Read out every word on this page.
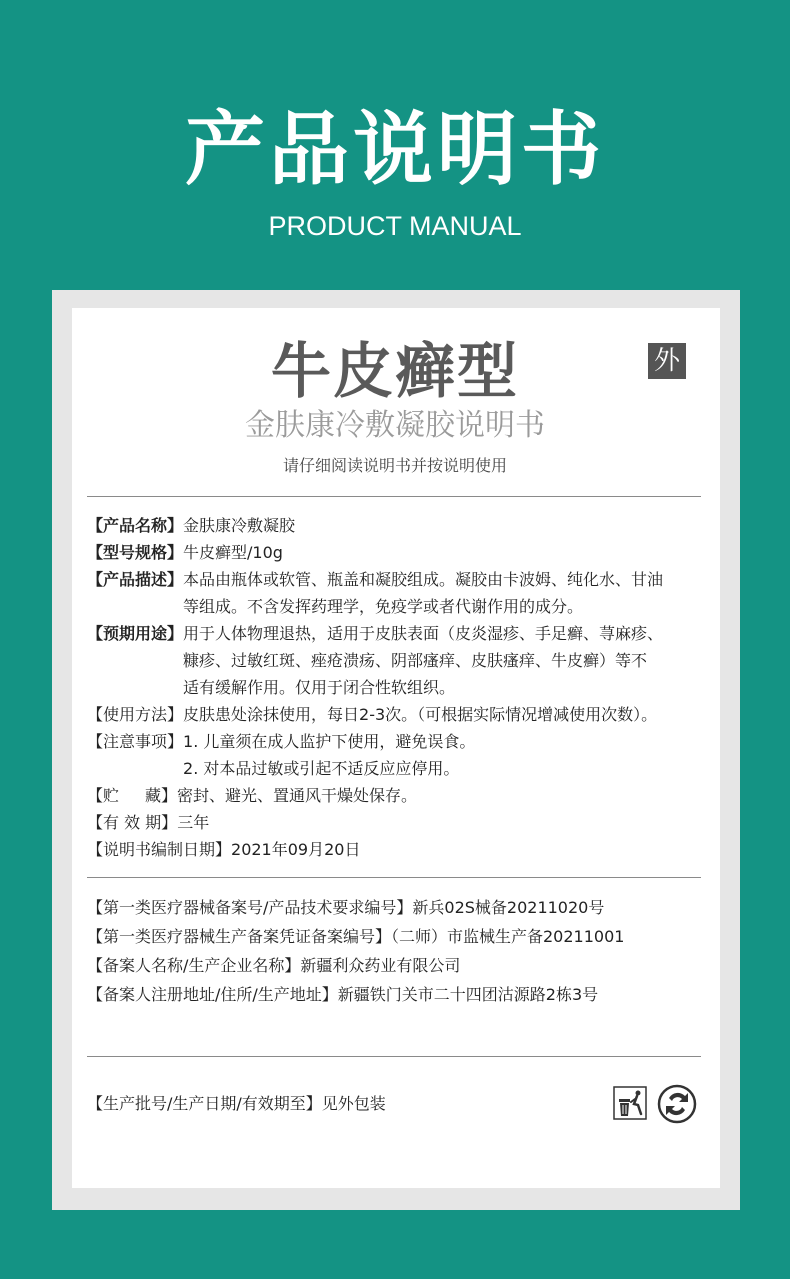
产品说明书
PRODUCT MANUAL
牛皮癣型	外
金肤康冷敷凝胶说明书
请仔细阅读说明书并按说明使用
【产品名称】 金肤康冷敷凝胶
【型号规格】 牛皮癣型/10g
【产品描述】 本品由瓶体或软管、瓶盖和凝胶组成。凝胶由卡波姆、纯化水、甘油
等组成。不含发挥药理学，免疫学或者代谢作用的成分。
【预期用途】 用于人体物理退热，适用于皮肤表面（皮炎湿疹、手足癣、荨麻疹、
糠疹、过敏红斑、痤疮溃疡、阴部瘙痒、皮肤瘙痒、牛皮癣）等不
适有缓解作用。仅用于闭合性软组织。
【使用方法】 皮肤患处涂抹使用，每日2-3次。（可根据实际情况增减使用次数）。
【注意事项】 1. 儿童须在成人监护下使用，避免误食。
2. 对本品过敏或引起不适反应应停用。
【贮 藏】 密封、避光、置通风干燥处保存。
【有 效 期】 三年
【说明书编制日期】 2021年09月20日
【第一类医疗器械备案号/产品技术要求编号】新兵02S械备20211020号
【第一类医疗器械生产备案凭证备案编号】（二师）市监械生产备20211001
【备案人名称/生产企业名称】新疆利众药业有限公司
【备案人注册地址/住所/生产地址】新疆铁门关市二十四团沽源路2栋3号
【生产批号/生产日期/有效期至】见外包装
